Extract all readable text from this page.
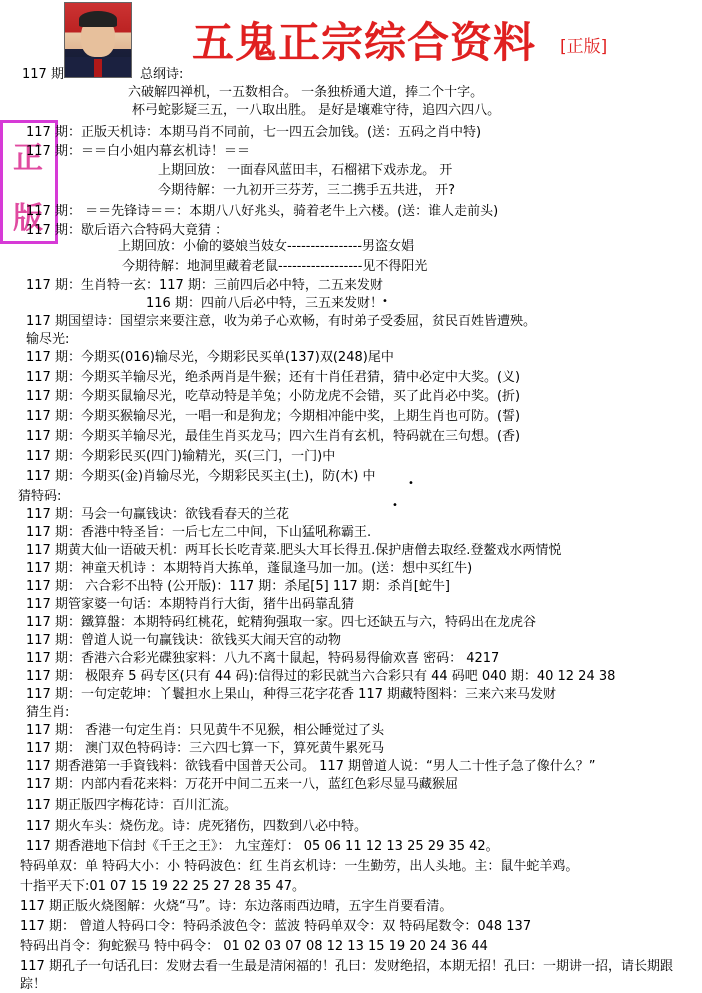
五鬼正宗综合资料 [正版]
正
版
117 期	总纲诗:
六破解四禅机，一五数相合。 一条独桥通大道，捧二个十字。
杯弓蛇影疑三五，一八取出胜。 是好是壤难守待，追四六四八。
117 期：正版天机诗：本期马肖不同前，七一四五会加钱。(送：五码之肖中特)
117 期：＝＝白小姐内幕玄机诗！＝＝
上期回放： 一面春风蓝田丰，石榴裙下戏赤龙。 开
今期待解：一九初开三芬芳，三二携手五共进， 开?
117 期： ＝＝先锋诗＝＝：本期八八好兆头，骑着老牛上六楼。(送：谁人走前头)
117 期：歇后语六合特码大竟猜 ：
上期回放：小偷的婆娘当妓女----------------男盗女娼
今期待解：地洞里藏着老鼠------------------见不得阳光
117 期：生肖特一玄：117 期：三前四后必中特，二五来发财
116 期：四前八后必中特，三五来发财！
117 期国望诗：国望宗来要注意，收为弟子心欢畅，有时弟子受委屈，贫民百姓皆遭殃。
输尽光:
117 期：今期买(016)输尽光，今期彩民买单(137)双(248)尾中
117 期：今期买羊输尽光，绝杀两肖是牛猴；还有十肖任君猜，猜中必定中大奖。(义)
117 期：今期买鼠输尽光，吃草动特是羊兔；小防龙虎不会错，买了此肖必中奖。(折)
117 期：今期买猴输尽光，一唱一和是狗龙；今期相冲能中奖，上期生肖也可防。(誓)
117 期：今期买羊输尽光，最佳生肖买龙马；四六生肖有玄机，特码就在三句想。(香)
117 期：今期彩民买(四门)输精光，买(三门，一门)中
117 期：今期买(金)肖输尽光，今期彩民买主(土)，防(木) 中
猜特码:
117 期：马会一句赢钱诀：欲钱看春天的兰花
117 期：香港中特圣旨：一后七左二中间，下山猛吼称霸王.
117 期黄大仙一语破天机：两耳长长吃青菜.肥头大耳长得丑.保护唐僧去取经.登鳌戏水两情悦
117 期：神童天机诗 ：本期特肖大拣单，蓬鼠逢马加一加。(送：想中买红牛)
117 期： 六合彩不出特 (公开版)：117 期：杀尾[5] 117 期：杀肖[蛇牛]
117 期管家婆一句话：本期特肖行大街，猪牛出码靠乱猜
117 期：鐵算盤：本期特码红桃花，蛇精狗强取一家。四七还缺五与六，特码出在龙虎谷
117 期：曾道人说一句赢钱诀：欲钱买大闹天宫的动物
117 期：香港六合彩光碟独家料：八九不离十鼠起，特码易得偷欢喜 密码： 4217
117 期： 极限弃 5 码专区(只有 44 码):信得过的彩民就当六合彩只有 44 码吧 040 期：40 12 24 38
117 期：一句定乾坤：丫鬟担水上果山，种得三花字花香 117 期藏特图料：三来六来马发财
猜生肖:
117 期： 香港一句定生肖：只见黄牛不见猴，相公睡觉过了头
117 期： 澳门双色特码诗：三六四七算一下，算死黄牛累死马
117 期香港第一手資钱料：欲钱看中国普天公司。 117 期曾道人说：“男人二十性子急了像什么？”
117 期：内部内看花来料：万花开中间二五来一八，蓝红色彩尽显马藏猴屈
117 期正版四字梅花诗：百川汇流。
117 期火车头：烧伤龙。诗：虎死猪伤，四数到八必中特。
117 期香港地下信封《千王之王》： 九宝莲灯： 05 06 11 12 13 25 29 35 42。
特码单双：单 特码大小：小 特码波色：红 生肖玄机诗：一生勤劳，出人头地。主：鼠牛蛇羊鸡。
十指平天下:01 07 15 19 22 25 27 28 35 47。
117 期正版火烧图解：火烧“马”。诗：东边落雨西边晴，五字生肖要看清。
117 期： 曾道人特码口令：特码杀波色令：蓝波 特码单双令：双 特码尾数令：048 137
特码出肖令：狗蛇猴马 特中码令： 01 02 03 07 08 12 13 15 19 20 24 36 44
117 期孔子一句话孔曰：发财去看一生最是清闲福的！孔曰：发财绝招，本期无招！孔曰：一期讲一招，请长期跟
踪！
•
•
•
